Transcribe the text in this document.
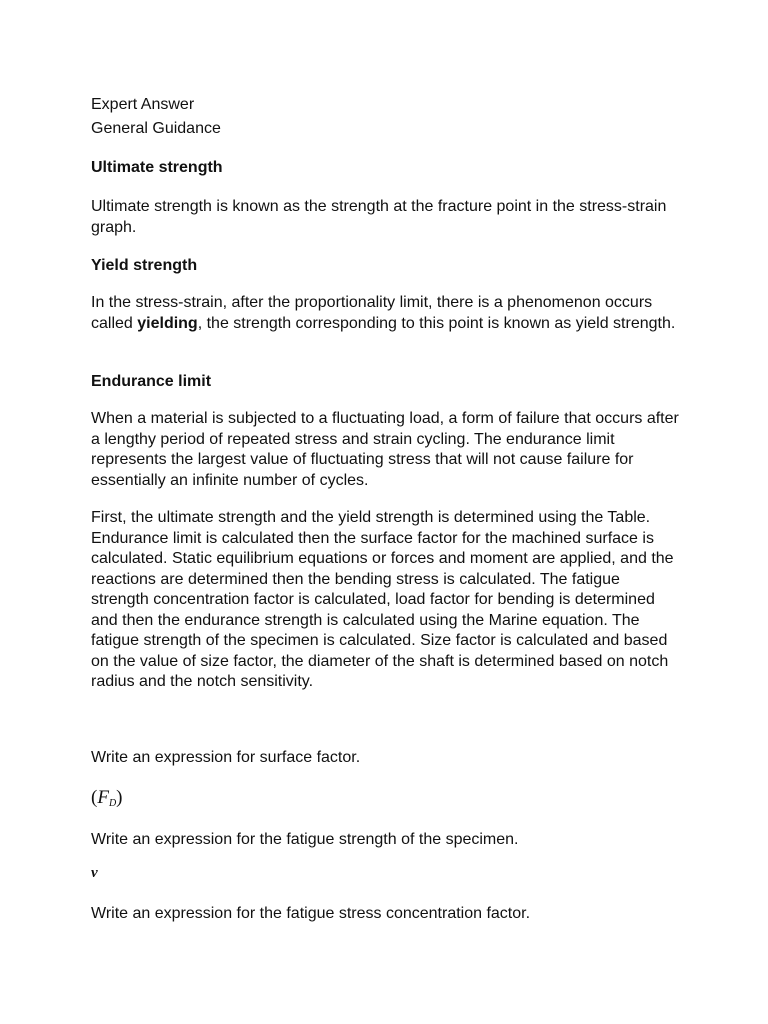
Expert Answer
General Guidance
Ultimate strength
Ultimate strength is known as the strength at the fracture point in the stress-strain graph.
Yield strength
In the stress-strain, after the proportionality limit, there is a phenomenon occurs called yielding, the strength corresponding to this point is known as yield strength.
Endurance limit
When a material is subjected to a fluctuating load, a form of failure that occurs after a lengthy period of repeated stress and strain cycling. The endurance limit represents the largest value of fluctuating stress that will not cause failure for essentially an infinite number of cycles.
First, the ultimate strength and the yield strength is determined using the Table. Endurance limit is calculated then the surface factor for the machined surface is calculated. Static equilibrium equations or forces and moment are applied, and the reactions are determined then the bending stress is calculated. The fatigue strength concentration factor is calculated, load factor for bending is determined and then the endurance strength is calculated using the Marine equation. The fatigue strength of the specimen is calculated. Size factor is calculated and based on the value of size factor, the diameter of the shaft is determined based on notch radius and the notch sensitivity.
Write an expression for surface factor.
$(F_D)$
Write an expression for the fatigue strength of the specimen.
v
Write an expression for the fatigue stress concentration factor.
